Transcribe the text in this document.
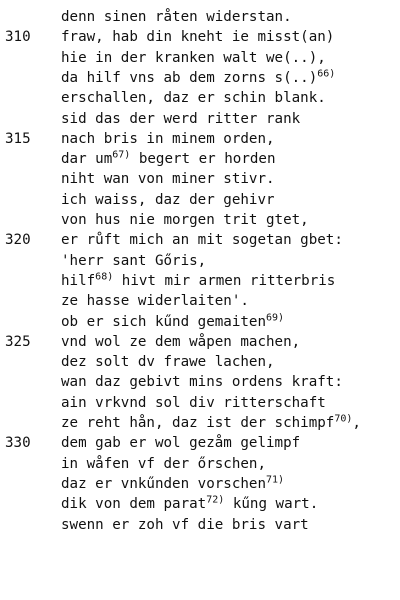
denn sinen råten widerstan.
310	fraw, hab din kneht ie misst(an)
hie in der kranken walt we(..),
da hilf vns ab dem zorns s(..)$^{66)}$
erschallen, daz er schin blank.
sid das der werd ritter rank
315	nach bris in minem orden,
dar $um^{67)}$ begert er horden
niht wan von miner stivr.
ich waiss, daz der gehivr
von hus nie morgen trit gtet,
320	er růft mich an mit sogetan gbet:
'herr sant Gőris,
hilf$^{68)}$ hivt mir armen ritterbris
ze hasse widerlaiten'.
ob er sich kűnd gemaiten$^{69)}$
325	vnd wol ze dem wåpen machen,
dez solt dv frawe lachen,
wan daz gebivt mins ordens kraft:
ain vrkvnd sol div ritterschaft
ze reht hån, daz ist der schimpf$^{70)}$,
330	dem gab er wol gezåm gelimpf
in wåfen vf der őrschen,
daz er vnkűnden vorschen$^{71)}$
dik von dem parat$^{72)}$ kűng wart.
swenn er zoh vf die bris vart
